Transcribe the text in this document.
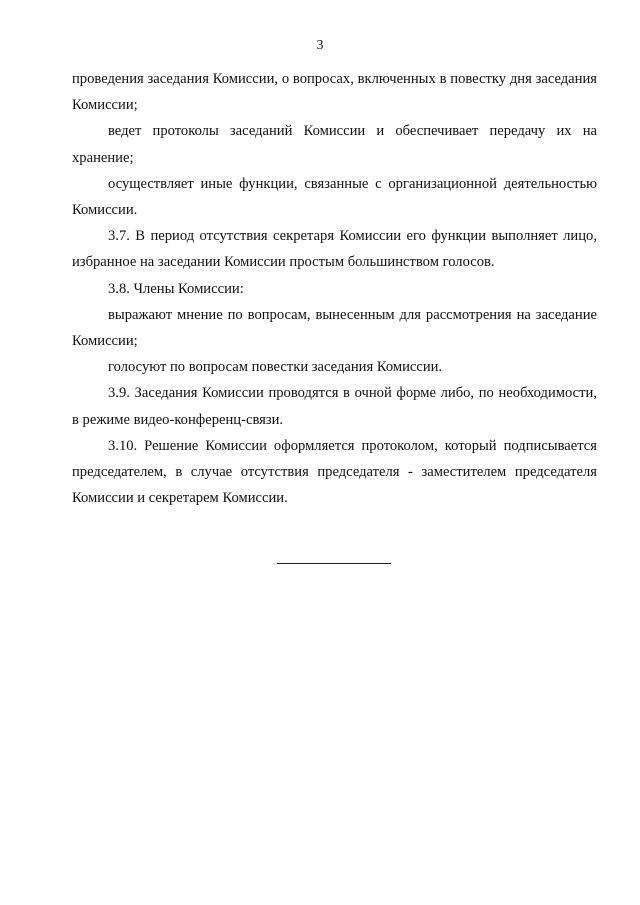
3

проведения заседания Комиссии, о вопросах, включенных в повестку дня заседания Комиссии;

ведет протоколы заседаний Комиссии и обеспечивает передачу их на хранение;

осуществляет иные функции, связанные с организационной деятельностью Комиссии.

3.7. В период отсутствия секретаря Комиссии его функции выполняет лицо, избранное на заседании Комиссии простым большинством голосов.

3.8. Члены Комиссии:

выражают мнение по вопросам, вынесенным для рассмотрения на заседание Комиссии;

голосуют по вопросам повестки заседания Комиссии.

3.9. Заседания Комиссии проводятся в очной форме либо, по необходимости, в режиме видео-конференц-связи.

3.10. Решение Комиссии оформляется протоколом, который подписывается председателем, в случае отсутствия председателя - заместителем председателя Комиссии и секретарем Комиссии.
